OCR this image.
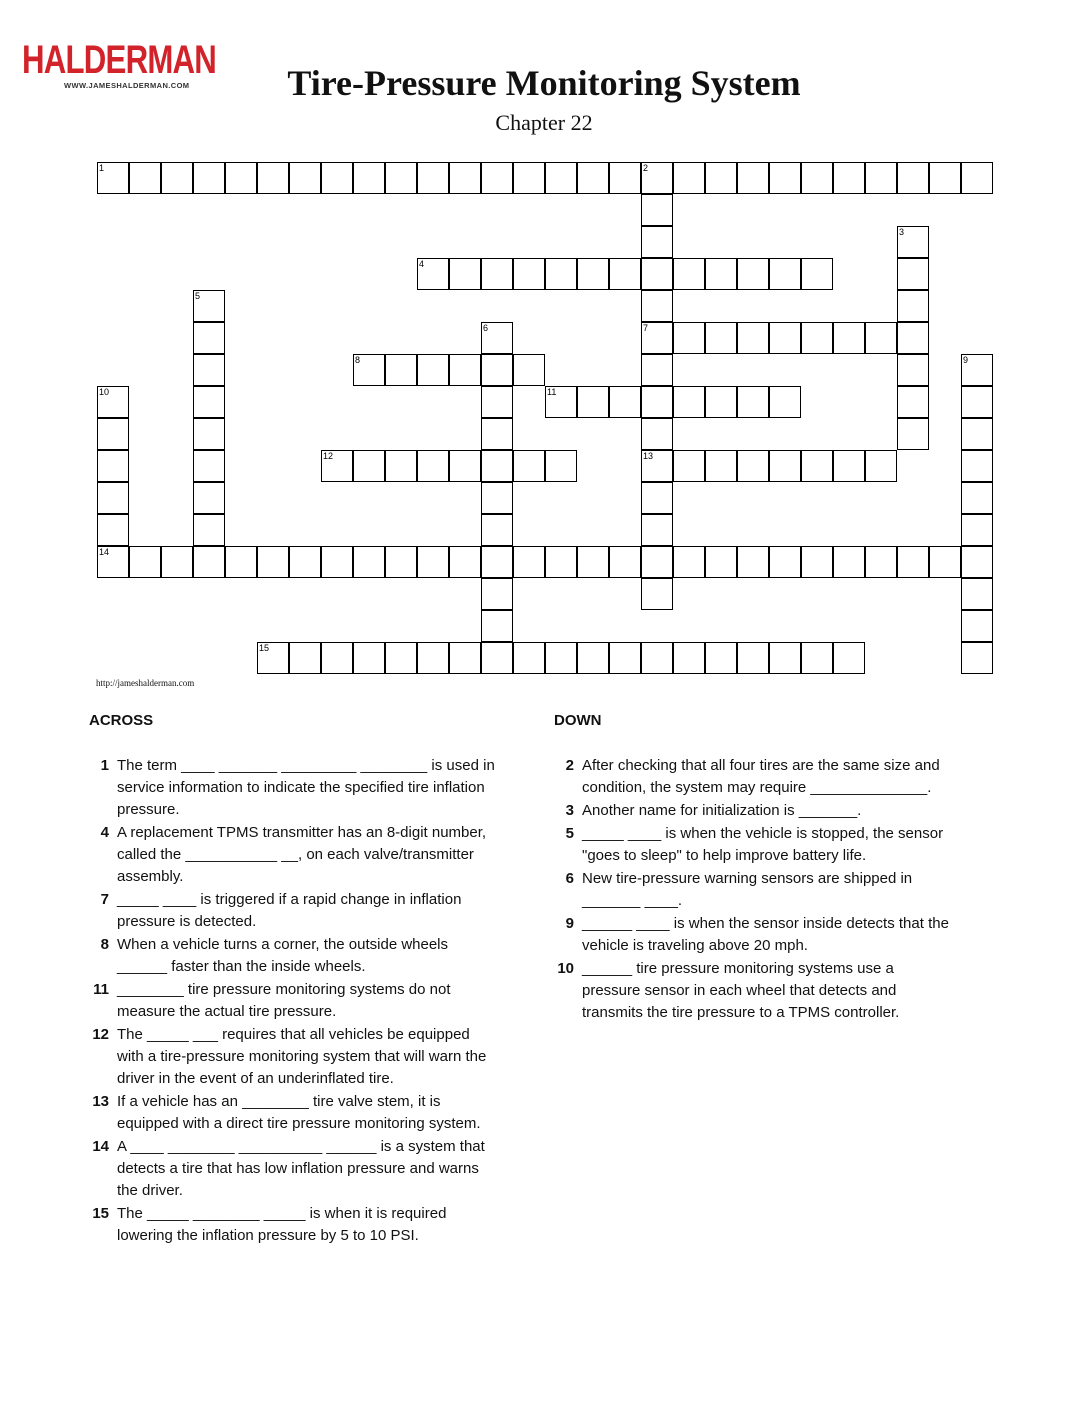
HALDERMAN
WWW.JAMESHALDERMAN.COM	Tire-Pressure Monitoring System
Chapter 22
1	2
7
13
3
4
5
6
8	9
10
14
11
12
15
http://jameshalderman.com
ACROSS	DOWN
1 The term ____ _______ _________ ________ is used in service information to indicate the specified tire inflation pressure.
4 A replacement TPMS transmitter has an 8-digit number, called the ___________ __, on each valve/transmitter assembly.
7 _____ ____ is triggered if a rapid change in inflation pressure is detected.
8 When a vehicle turns a corner, the outside wheels ______ faster than the inside wheels.
11 ________ tire pressure monitoring systems do not measure the actual tire pressure.
12 The _____ ___ requires that all vehicles be equipped with a tire-pressure monitoring system that will warn the driver in the event of an underinflated tire.
13 If a vehicle has an ________ tire valve stem, it is equipped with a direct tire pressure monitoring system.
14 A ____ ________ __________ ______ is a system that detects a tire that has low inflation pressure and warns the driver.
15 The _____ ________ _____ is when it is required lowering the inflation pressure by 5 to 10 PSI.
2 After checking that all four tires are the same size and condition, the system may require ______________.
3 Another name for initialization is _______.
5 _____ ____ is when the vehicle is stopped, the sensor "goes to sleep" to help improve battery life.
6 New tire-pressure warning sensors are shipped in _______ ____.
9 ______ ____ is when the sensor inside detects that the vehicle is traveling above 20 mph.
10 ______ tire pressure monitoring systems use a pressure sensor in each wheel that detects and transmits the tire pressure to a TPMS controller.
